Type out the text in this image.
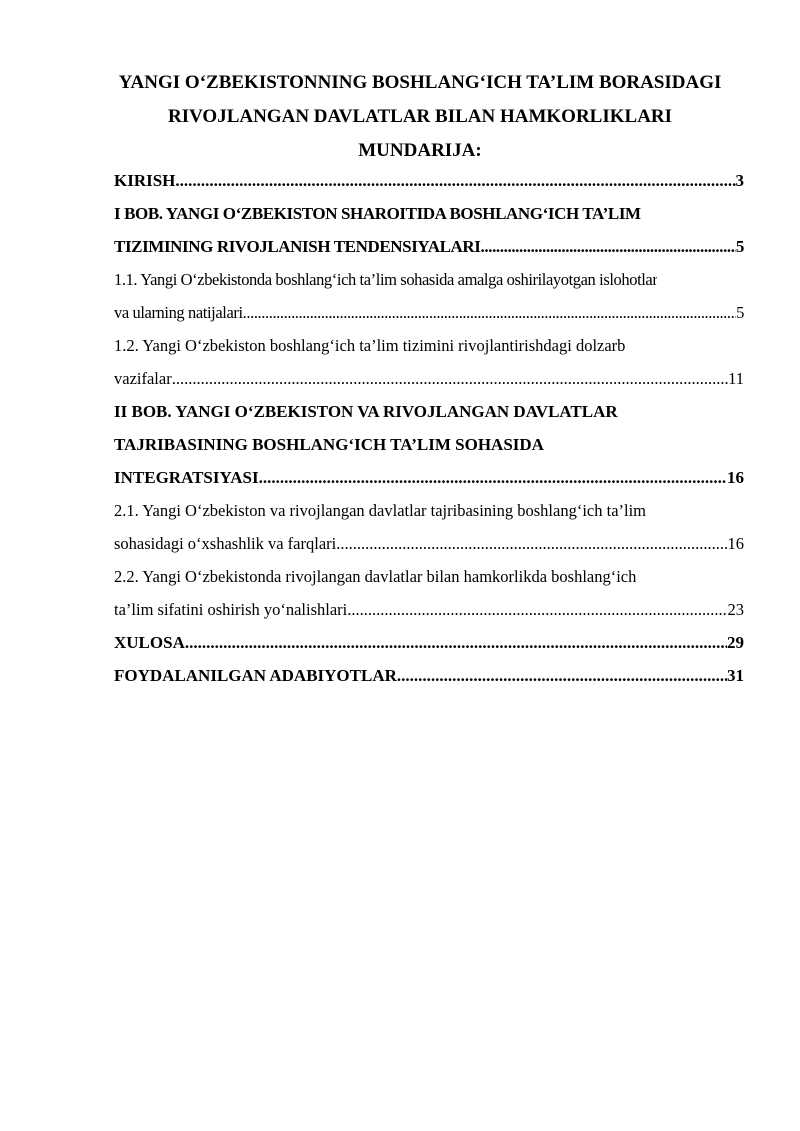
YANGI O‘ZBEKISTONNING BOSHLANG‘ICH TA’LIM BORASIDAGI
RIVOJLANGAN DAVLATLAR BILAN HAMKORLIKLARI
MUNDARIJA:
KIRISH .....	3
I BOB. YANGI O‘ZBEKISTON SHAROITIDA BOSHLANG‘ICH TA’LIM
TIZIMINING RIVOJLANISH TENDENSIYALARI .....	5
1.1. Yangi O‘zbekistonda boshlang‘ich ta’lim sohasida amalga oshirilayotgan islohotlar
va ularning natijalari .....	5
1.2. Yangi O‘zbekiston boshlang‘ich ta’lim tizimini rivojlantirishdagi dolzarb
vazifalar .....	11
II BOB. YANGI O‘ZBEKISTON VA RIVOJLANGAN DAVLATLAR
TAJRIBASINING BOSHLANG‘ICH TA’LIM SOHASIDA
INTEGRATSIYASI .....	16
2.1. Yangi O‘zbekiston va rivojlangan davlatlar tajribasining boshlang‘ich ta’lim
sohasidagi o‘xshashlik va farqlari .....	16
2.2. Yangi O‘zbekistonda rivojlangan davlatlar bilan hamkorlikda boshlang‘ich
ta’lim sifatini oshirish yo‘nalishlari .....	23
XULOSA .....	29
FOYDALANILGAN ADABIYOTLAR .....	31
